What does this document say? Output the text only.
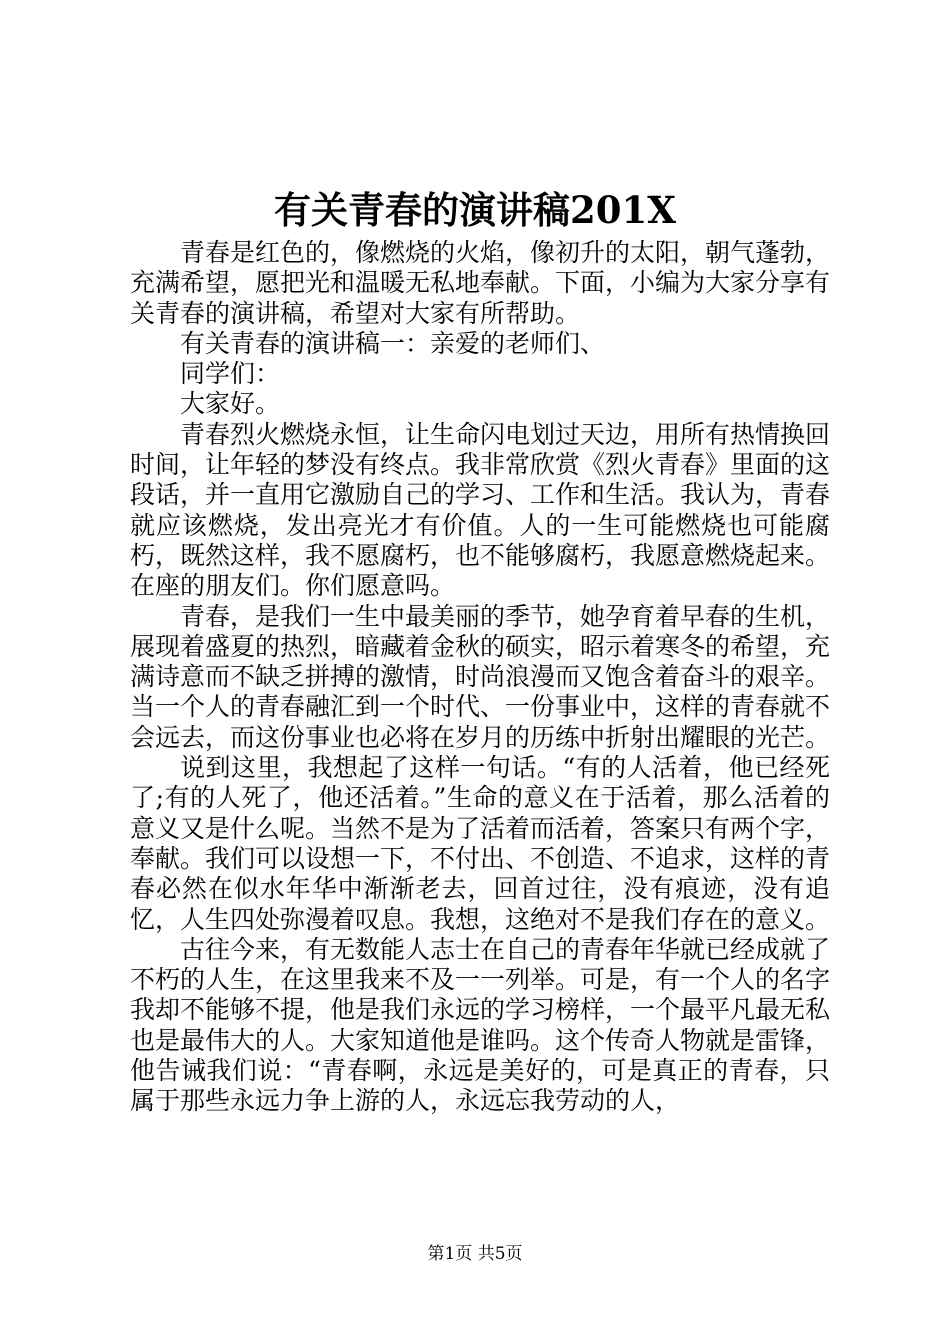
有关青春的演讲稿201X

青春是红色的，像燃烧的火焰，像初升的太阳，朝气蓬勃，充满希望，愿把光和温暖无私地奉献。下面，小编为大家分享有关青春的演讲稿，希望对大家有所帮助。

有关青春的演讲稿一：亲爱的老师们、

同学们：

大家好。

青春烈火燃烧永恒，让生命闪电划过天边，用所有热情换回时间，让年轻的梦没有终点。我非常欣赏《烈火青春》里面的这段话，并一直用它激励自己的学习、工作和生活。我认为，青春就应该燃烧，发出亮光才有价值。人的一生可能燃烧也可能腐朽，既然这样，我不愿腐朽，也不能够腐朽，我愿意燃烧起来。在座的朋友们。你们愿意吗。

青春，是我们一生中最美丽的季节，她孕育着早春的生机，展现着盛夏的热烈，暗藏着金秋的硕实，昭示着寒冬的希望，充满诗意而不缺乏拼搏的激情，时尚浪漫而又饱含着奋斗的艰辛。当一个人的青春融汇到一个时代、一份事业中，这样的青春就不会远去，而这份事业也必将在岁月的历练中折射出耀眼的光芒。

说到这里，我想起了这样一句话。“有的人活着，他已经死了;有的人死了，他还活着。”生命的意义在于活着，那么活着的意义又是什么呢。当然不是为了活着而活着，答案只有两个字，奉献。我们可以设想一下，不付出、不创造、不追求，这样的青春必然在似水年华中渐渐老去，回首过往，没有痕迹，没有追忆，人生四处弥漫着叹息。我想，这绝对不是我们存在的意义。

古往今来，有无数能人志士在自己的青春年华就已经成就了不朽的人生，在这里我来不及一一列举。可是，有一个人的名字我却不能够不提，他是我们永远的学习榜样，一个最平凡最无私也是最伟大的人。大家知道他是谁吗。这个传奇人物就是雷锋，他告诫我们说：“青春啊，永远是美好的，可是真正的青春，只属于那些永远力争上游的人，永远忘我劳动的人，

第1页 共5页
